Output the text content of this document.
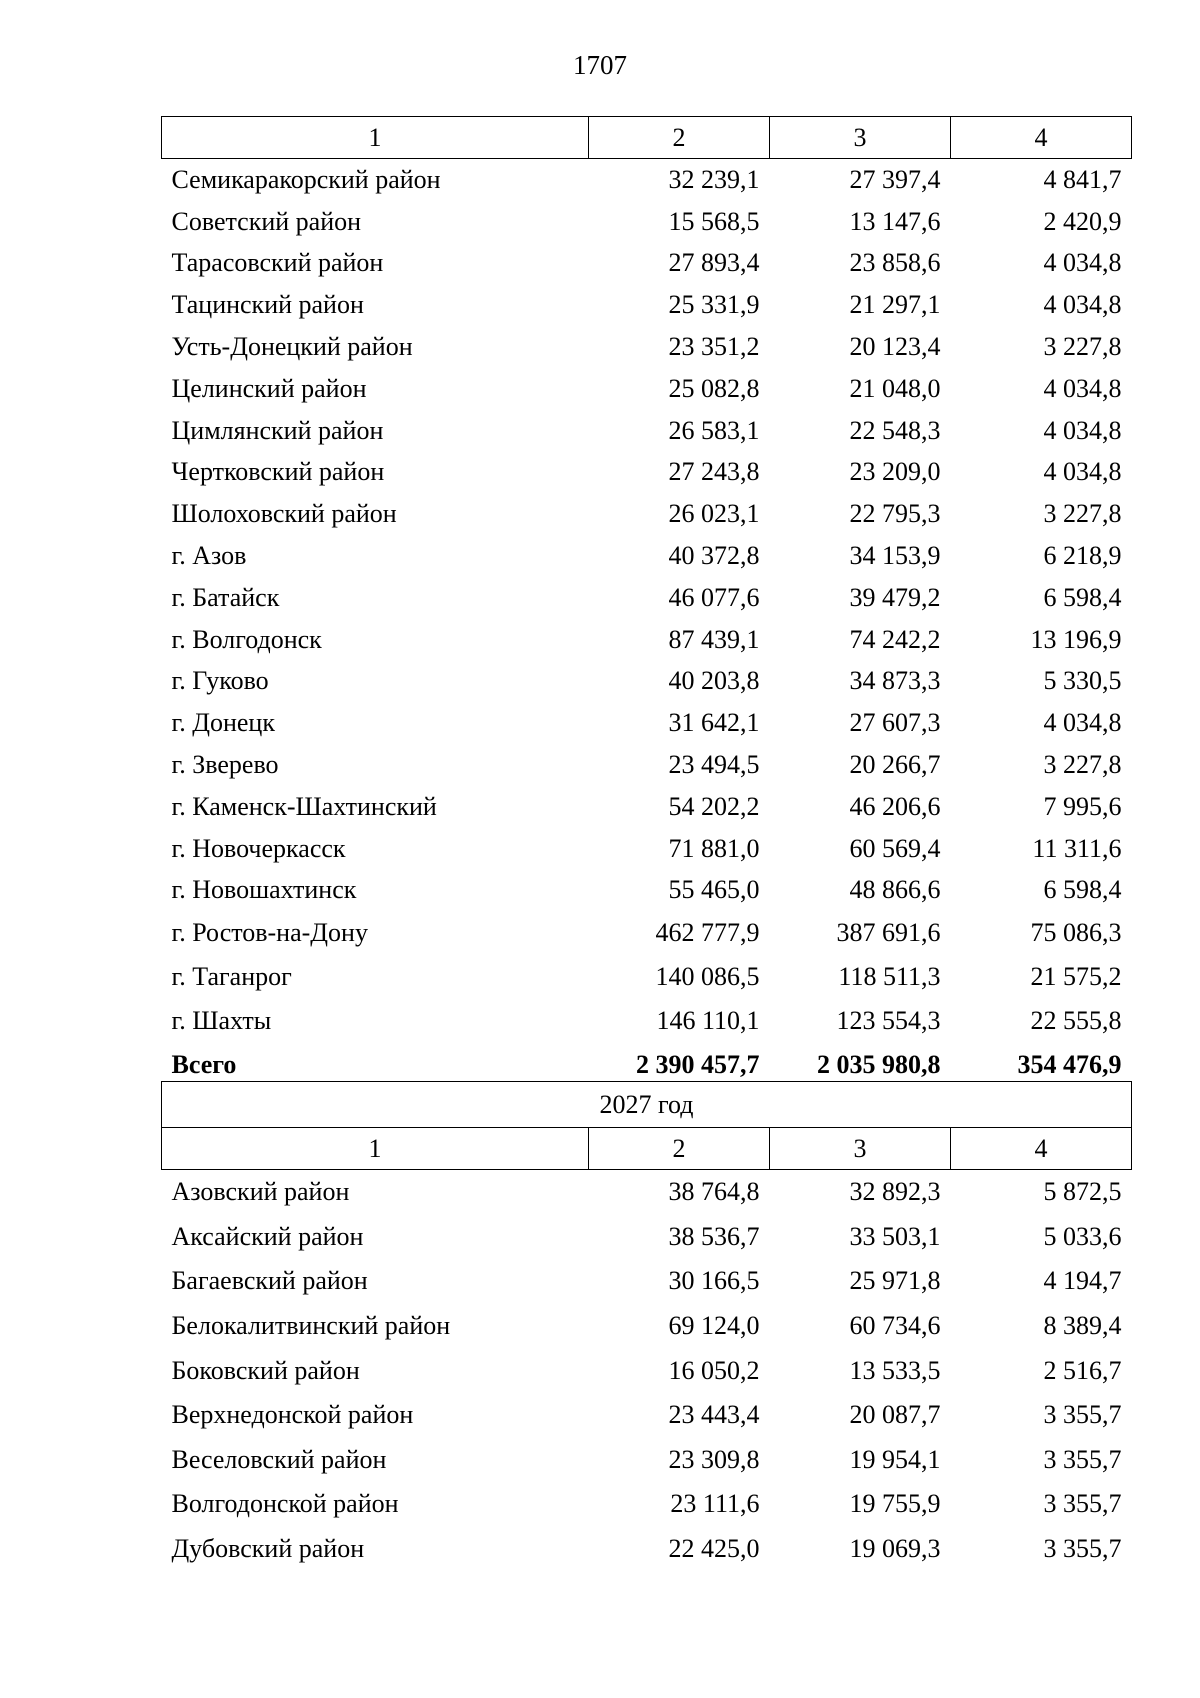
1707
1	2	3	4
Семикаракорский район	32 239,1	27 397,4	4 841,7
Советский район	15 568,5	13 147,6	2 420,9
Тарасовский район	27 893,4	23 858,6	4 034,8
Тацинский район	25 331,9	21 297,1	4 034,8
Усть-Донецкий район	23 351,2	20 123,4	3 227,8
Целинский район	25 082,8	21 048,0	4 034,8
Цимлянский район	26 583,1	22 548,3	4 034,8
Чертковский район	27 243,8	23 209,0	4 034,8
Шолоховский район	26 023,1	22 795,3	3 227,8
г. Азов	40 372,8	34 153,9	6 218,9
г. Батайск	46 077,6	39 479,2	6 598,4
г. Волгодонск	87 439,1	74 242,2	13 196,9
г. Гуково	40 203,8	34 873,3	5 330,5
г. Донецк	31 642,1	27 607,3	4 034,8
г. Зверево	23 494,5	20 266,7	3 227,8
г. Каменск-Шахтинский	54 202,2	46 206,6	7 995,6
г. Новочеркасск	71 881,0	60 569,4	11 311,6
г. Новошахтинск	55 465,0	48 866,6	6 598,4
г. Ростов-на-Дону	462 777,9	387 691,6	75 086,3
г. Таганрог	140 086,5	118 511,3	21 575,2
г. Шахты	146 110,1	123 554,3	22 555,8
Всего	2 390 457,7	2 035 980,8	354 476,9
2027 год			
1	2	3	4
Азовский район	38 764,8	32 892,3	5 872,5
Аксайский район	38 536,7	33 503,1	5 033,6
Багаевский район	30 166,5	25 971,8	4 194,7
Белокалитвинский район	69 124,0	60 734,6	8 389,4
Боковский район	16 050,2	13 533,5	2 516,7
Верхнедонской район	23 443,4	20 087,7	3 355,7
Веселовский район	23 309,8	19 954,1	3 355,7
Волгодонской район	23 111,6	19 755,9	3 355,7
Дубовский район	22 425,0	19 069,3	3 355,7
